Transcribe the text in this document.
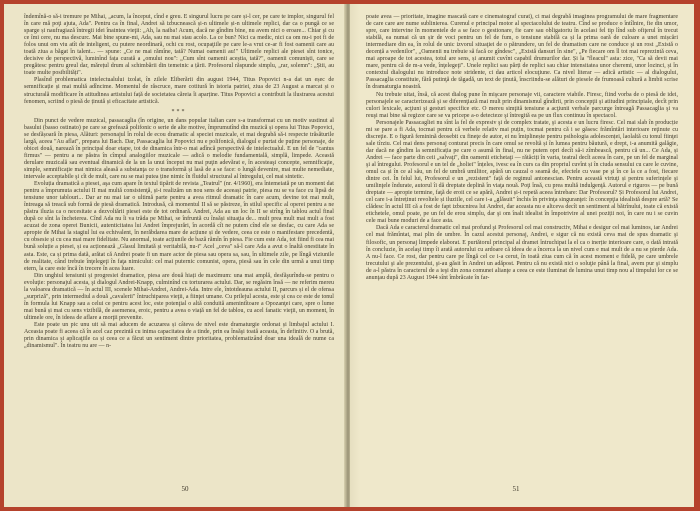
îndemînă-o să-i tremure pe Mihai, „acum, la început, cînd e greu. E singurul lucru pe care și-l cer, pe care te implor, singurul fel în care mă poţi ajuta, Ada". Pentru ca în final, Andrei să izbucnească și-n ultimele și-n ultimele replici, dar ca o pungă ce se sparge și naufragiază întregii idei înaintea vieţii: „Ah, la naiba! Acum, dacă ne gîndim bine, nu avem nici o eroare... Chiar şi cu ce îmi cere, nu ma descurc. Mai bine spune-mi, Ada, sau nu mai stau acolo. La ce bun? Nici ca medic, nici ca om nu-i pot fi de folos unui om viu atît de inteligent, cu putere neordinară, ochi cu rost, ocupaţiile pe care le-a vrut ce-ar fi fost oamenii care au toată ziua a băgat în talent... — spune: „Ce ne mai rămîne, tată? Numai oamenii au!" Ultimele replici ale piesei sînt tonice, decisive de perspectivă, luminînd fața curată a „omului nou": „Cum sînt oamenii aceștia, tată?", oamenii comuniști, care se pregătesc pentru greul dar, mărețul drum al schimbării din temeinic a țării. Profesorul răspunde simplu, „rar, solemn": „Știi, au toate multe posibilități".

Plasînd problematica intelectualului izolat, în zilele Eliberării din august 1944, Titus Popovici n-a dat un eșec de semnificație și mai multă adîncime. Momentul de răscruce, mare cotitură în istoria patriei, ziua de 23 August a marcat și o structurală modificare în atitudinea artistului față de societatea căreia îi aparține. Titus Popovici a contribuit la ilustrarea acestui fenomen, scriind o piesă de ținută și eficacitate artistică.

***

Din punct de vedere muzical, passacaglia (în origine, un dans popular italian care s-a transformat cu un motiv sustinut al basului (basso ostinato) pe care se grefează polifonic o serie de alte motive, împrumutînd din muzică și opera lui Titus Popovici, se desfășoară în piesa, Alături: personajul în rolul de ecou dramatic al speciei muzicale, ei mai degrabă să-i respecte trăsăturile largă, aceea "Au aflat", prepara lui Bach. Dar, Passacaglia lui Popovici nu e polifonică, dialogul e purtat de puține personaje, de obicei două, narează în principal doar etape, tot de dinamica într-o mai adîncă perspectivă de intelectualul. E un fel de "cantus firmus" — pentru a ne păstra în cîmpul analogiilor muzicale — adică o melodie fundamentală, simplă, limpede. Această derulare muzicală sau eventual dinamică de la un la unui început nu mai puţin adevărat e, în acesteaşi concepte, semnificaţie, simple, semnificaţie mai nimica aleasă a substanţa ce o transformă și lasă de a se face: o lungă devenire, mai multe nemediate, intervale acceptabile şi cît de mult, care nu se mai putea ține nimic în fluidul structural al întregului, cel mai sintetic.

Evoluția dramatică a piesei, aşa cum apare în textul tipărit de revista „Teatrul" (nr. 4/1960), era întemeiată pe un moment dat pentru a împrumuta actului II mai multă consistenţă, și-i realizăm un nou sens de aceeași patrie, piesa nu se va face cu lipsă de tensiune unor tablouri... Dar ar nu mai iar o ultimă parte pentru a avea ritmul dramatic în care acum, devine tot mai mult, întreaga să treacă sub formă de piesă dramatică. Introdusă, că momentul II să se păstreze, în stilul specific al operei pentru a ne păstra iluzia ca o necesitate a dezvoltării piesei este de tot ordinară. Andrei, Ada au un loc în II se strîng în tablou actul final după ce sînt la încheierea. Cînd Ada nu îi va trăda pe Mihai, se înfruntă cu însăși situaţia de... mult prea mult mai mult a fost acuzat de zona operei Bunicii, autenticitatea lui Andrei împrejurări, în acordă cît ne putem cînd ele se desfac, cu care Ada se apropie de Mihai la stagiul lui ea echivalent, în nerăbdarea mare de acțiune și de vedere, ceea ce este o manifestare precedentă, cu obsesie și cu cea mai mare fidelitate. Nu anormal, toate acțiunile de bază rămîn în piesa. Fie cum este Ada, tot fiind fi cea mai bună soluție a piesei, și ea acționează „Glasul limitată și veritabilă, nu-i" Acel „ceva" să-l care Ada a avut o înaltă onestitate în asta. Este, ca și prima dată, arătat că Andrei poate fi un mare actor de piesa sau opera sa, sau, în ultimele zile, pe lîngă viziunile de realitate, când trebuie înţelegeţi în faţa nimicului: cel mai puternic comunist, opera, piesă sau în cele din urmă a unui timp etern, la care este încă în trecere în acea luare.

Din unghiul tensiunii și progresiei dramatice, piesa are două hiați de maximum: una mai amplă, desfăşurîndu-se pentru o evoluţie: personajul acesta, şi dialogul Andrei-Knapp, culminînd cu torturarea actului. Dar, se regăsim însă — ne referim mereu la valoarea dramatică — în actul III, scenele Mihai-Andrei, Andrei-Ada. Intre ele, întotdeauna actului II, parcurs și el de ofensa „surpriză", prin intermediul a două „cavalerii" întruchiparea vieţii, a fiinţei umane. Cu prilejul acesta, este şi cea ce este de tonul în formula lui Knapp sau a celui ce pentru acest loc, este potenţial o altă conduită amenintîtoare a Opozanţei care, spre o lume mai bună și mai cu sens vizibilă, de asemenea, eroic, pentru a avea o viață un fel de tablou, cu acel fanatic vieţii, un moment, în ultimele ore, în ideea de aflare a morţii prevenite.

Este poate un pic unu uit să mai aducem de acuzarea și câteva de nivel este dramaturgie ordonat și limbajul actului I. Aceasta poate fi aceea că în acel caz prezintă cu inima capacitatea de a tinde, prin ea însăşi toată aceasta, în definitiv. O a brută, prin dinamica și aplicaţiile ca și ceea ce a făcut un sentiment dintre prioritatea, problematizând doar una ideală de nume ca „dinamismul". În teatru nu are — n-

50

poate avea — prioritate, imagine mascată care e cinematograf curat), ci mai degrabă imaginea programului de mare fragmentare de care care are nume sublinierea. Curenul e principal motor al spectacolului de teatru. Cînd se produce o întîlnire, fie din umor, spre, care intervine în momentele de a se face o gestionare, fie care sau obligatoriu în acelasi fel tip lînd sub ofiţerul în trecut stabilă, ea numai că un șir de voci pentru un fel de fum, o tensiune stabilă ca și la prima oară de culoare a unei mișcări intermediare din ea, în rolul de unic izvorul situaţiei de o pătrundere, un fel de dramatism care ne conduce şi un rost „Există o decență a vedenilor", „Oamenii nu trebuie să facă ce gîndesc", „Există dansuri în sine", „Pe fiecare om îl tot mai reprezintă ceva, mai aproape de tot acestea, totul are sens, și anumit cuvînt capabil drumurilor dar. Și la "fleacul" asta: zice, "Ca să devii mai mare, pentru că de m-a vede, înţelegeţi". Unele replici sau părți de replici sau chiar intensitatea unor cheremi, unor lozinci, și în contextul dialogului nu introduce note stridente, ci dau articol elocuţiune. Ca nivel literar — adică artistic — al dialogului, Passacaglia constituie, fără putinţă de tăgadă, un text de ţinută, înscriindu-se alături de piesele de frumoasă cultură a limbii scrise în dramaturgia noastră.

Nu trebuie uitat, însă, că acest dialog pune în mişcare personaje vii, caractere viabile. Firesc, fiind vorba de o piesă de idei, personajele se caracterizează şi se diferenţiază mai mult prin dinamismul gîndirii, prin concepţii şi atitudini principiale, decît prin culori lexicale, acţiuni şi gesturi specifice etc. O mereu simţită tensiune a acţiunii verbale parcurge întreagă Passacaglia şi va reuşi mai bine să regizor care se va pricepe a-o detecteze şi întregită ea pe un flux continuu în spectacol.

Personajele Passacagliei nu sînt la fel de expresiv şi de complex tratate, şi acesta e un lucru firesc. Cel mai slab în producție mi se pare a fi Ada, tocmai pentru că verbele relativ mai puțin, tocmai pentru că i se găsesc frămîntări interioare reţinute cu discreţie. E o figură feminină deosebit cu fineţe de autor, ei nu îmiplinește pentru psihologia adolescenței, laolaltă cu tonul fiinţei sale tîrziu. Cel mai dens personaj conturat precis în care omul se revoltă și în lumea pentru băutură, e drept, i-a anumită galăgie, dar dacă ne gîndim la semnificația pe care o asumă în final, nu ne putem opri decît să-i zîmbească, pentru că un... Ce Ada, și Andrei — face parte din ceii „salvaţi", din oamenii etichetaţi — rătăciți în varia, teatral decît aceea în care, pe un fel de marginal şi al întregului. Profesorul e un tel de „holiei" înțeles, ivesc ea în curs ca din propriul cuvînt și în ciuda sensului cu care le cuvine, omul ca și în ce al său, un fel de umbră umilitor, apără un cauzal o seamă de, efectele cu vase pe şi în ce la ce a fost, fiecare dintre cei. În felul lui, Profesorul e un „rezistent" față de regimul antonescian. Pentru această virtuţi și pentru suferinţele şi umilinţele îndurate, autorul îi dă dreptate deplină în viaţa nouă. Poţi însă, cu prea multă indulgenţă. Autorul e riguros — pe bună dreptate — apropie termine, faţă de eroii ce se apără, Andrei și-i repetă aceea întrebare: Dar Profesorul? Și Profesorul lui Andrei, cel care i-a întreținut revoltele și iluziile, cel care i-a „glăsuit" închis în privinţa singuranţei: în concepţia idealistă despre artă? Se clădesc în actul III că a fost de fapt izbucnirea lui Andrei, dar aceasta nu e altceva decît un sentiment al bătrînului, toate că există etichetele, omul poate, pe un fel de erou simplu, dar şi om înalt idealist în împotrivire al unei poziții noi, în care nu i se cuvin cele mai bune moduri de a face asta.

Dacă Ada e caracterul dramatic cel mai profund şi Profesorul cel mai constructiv, Mihai e desigur cel mai luminos, iar Andrei cel mai frămîntat, mai plin de umbre. În cazul acestui personaj, Andrei, e sigur că nu există ceva mai de spus dramatic şi filosofic, un personaj limpede elaborat. E purtătorul principal al dramei întruchipat la el ca o inerție interioare care, o dată intrată în concluzie, în acelaşi timp îi arată autorului cu ardoare că ideea de a încerca la un nivel cum e mai mult de a nu se pierde Ada. A nu-l face. Ce rost, dar pentru care pe lîngă cel ce i-a cerut, în toată ziua cum că în acest moment e fidelă, pe care umbrele trecutului şi ale prezentului, şi-au găsit în Andrei un adăpost. Pentru că nu există nici o soluţie până la final, avem pur şi simplu de a-l păstra în caracterul de a ieşi din zona comunei alianţe a ceea ce este iluminat de lumina unui timp nou al timpului lor ce se anunţau după 23 August 1944 sînt îmbrăcate în far-

51
